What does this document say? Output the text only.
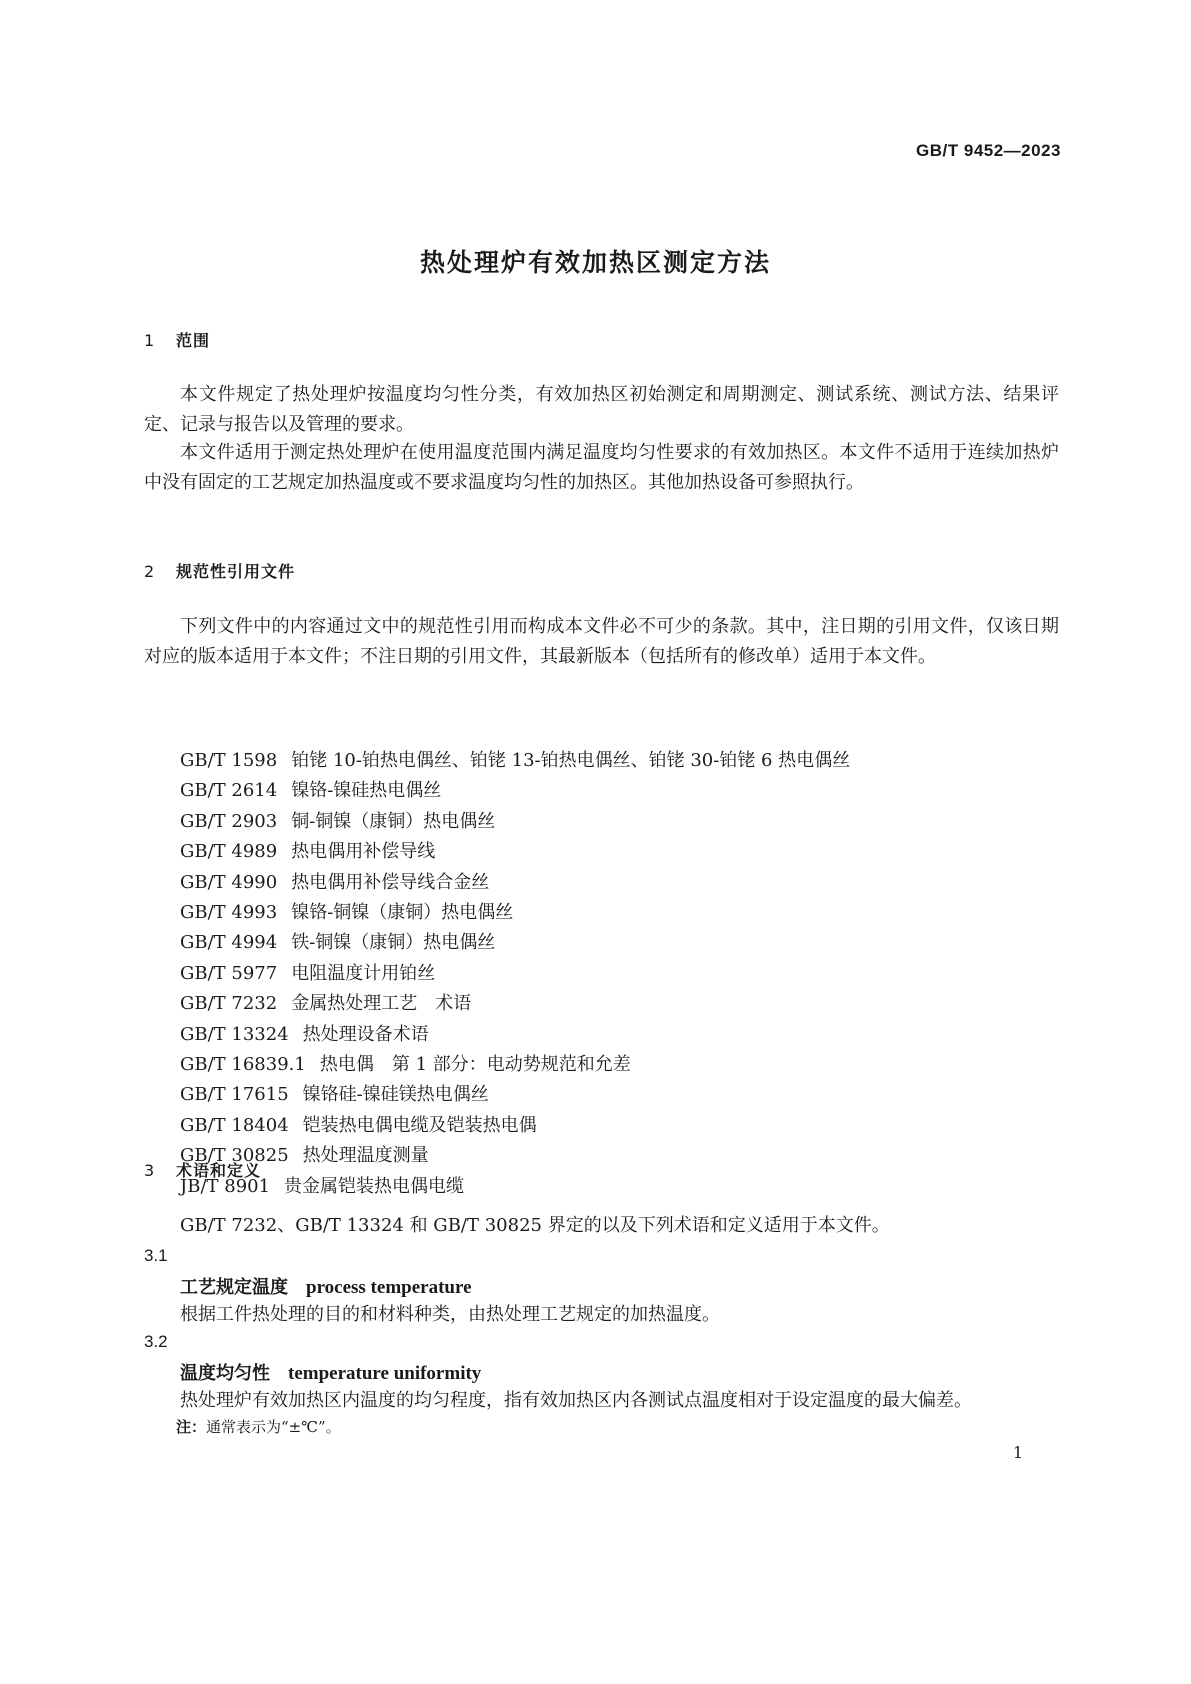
GB/T 9452—2023
热处理炉有效加热区测定方法
1 范围

本文件规定了热处理炉按温度均匀性分类，有效加热区初始测定和周期测定、测试系统、测试方法、结果评定、记录与报告以及管理的要求。

本文件适用于测定热处理炉在使用温度范围内满足温度均匀性要求的有效加热区。本文件不适用于连续加热炉中没有固定的工艺规定加热温度或不要求温度均匀性的加热区。其他加热设备可参照执行。

2 规范性引用文件

下列文件中的内容通过文中的规范性引用而构成本文件必不可少的条款。其中，注日期的引用文件，仅该日期对应的版本适用于本文件；不注日期的引用文件，其最新版本（包括所有的修改单）适用于本文件。

GB/T 1598 铂铑 10-铂热电偶丝、铂铑 13-铂热电偶丝、铂铑 30-铂铑 6 热电偶丝
GB/T 2614 镍铬-镍硅热电偶丝
GB/T 2903 铜-铜镍（康铜）热电偶丝
GB/T 4989 热电偶用补偿导线
GB/T 4990 热电偶用补偿导线合金丝
GB/T 4993 镍铬-铜镍（康铜）热电偶丝
GB/T 4994 铁-铜镍（康铜）热电偶丝
GB/T 5977 电阻温度计用铂丝
GB/T 7232 金属热处理工艺　术语
GB/T 13324 热处理设备术语
GB/T 16839.1 热电偶　第 1 部分：电动势规范和允差
GB/T 17615 镍铬硅-镍硅镁热电偶丝
GB/T 18404 铠装热电偶电缆及铠装热电偶
GB/T 30825 热处理温度测量
JB/T 8901 贵金属铠装热电偶电缆
3 术语和定义

GB/T 7232、GB/T 13324 和 GB/T 30825 界定的以及下列术语和定义适用于本文件。

3.1
工艺规定温度 process temperature
根据工件热处理的目的和材料种类，由热处理工艺规定的加热温度。
3.2
温度均匀性 temperature uniformity
热处理炉有效加热区内温度的均匀程度，指有效加热区内各测试点温度相对于设定温度的最大偏差。
注：通常表示为“±℃”。
1
